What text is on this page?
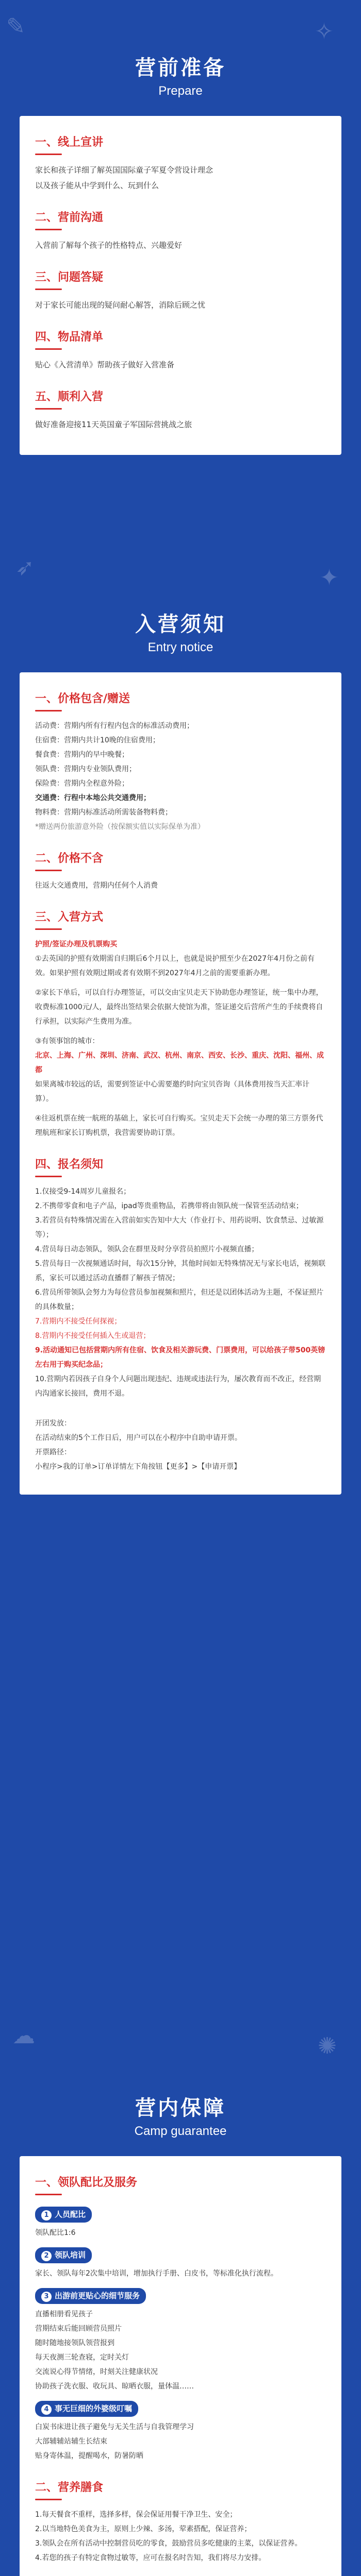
✎	✧
➶	✦
☁	✺
营前准备
Prepare
一、线上宣讲
家长和孩子详细了解英国国际童子军夏令营设计理念
以及孩子能从中学到什么、玩到什么
二、营前沟通
入营前了解每个孩子的性格特点、兴趣爱好
三、问题答疑
对于家长可能出现的疑问耐心解答，消除后顾之忧
四、物品清单
贴心《入营清单》帮助孩子做好入营准备
五、顺利入营
做好准备迎接11天英国童子军国际营挑战之旅
入营须知
Entry notice
一、价格包含/赠送
活动费：营期内所有行程内包含的标准活动费用；
住宿费：营期内共计10晚的住宿费用；
餐食费：营期内的早中晚餐；
领队费：营期内专业领队费用；
保险费：营期内全程意外险；
交通费：行程中本地公共交通费用；
物料费：营期内标准活动所需装备物料费；
*赠送两份旅游意外险（按保额实值以实际保单为准）
二、价格不含
往返大交通费用，营期内任何个人消费
三、入营方式
护照/签证办理及机票购买
①去英国的护照有效期需自归期后6个月以上，也就是说护照至少在2027年4月份之前有效。如果护照有效期过期或者有效期不到2027年4月之前的需要重新办理。
②家长下单后，可以自行办理签证，可以交由宝贝走天下协助您办理签证，统一集中办理，收费标准1000元/人，最终出签结果会依据大使馆为准，签证递交后营所产生的手续费将自行承担，以实际产生费用为准。
③有领事馆的城市：
北京、上海、广州、深圳、济南、武汉、杭州、南京、西安、长沙、重庆、沈阳、福州、成都
如果离城市较远的话，需要到签证中心需要邀约时向宝贝咨询（具体费用按当天汇率计算）。
④往返机票在统一航班的基础上，家长可自行购买。宝贝走天下会统一办理的第三方票务代理航班和家长订购机票，我营需要协助订票。
四、报名须知
1.仅接受9-14周岁儿童报名；
2.不携带零食和电子产品，ipad等贵重物品，若携带将由领队统一保管至活动结束；
3.若营员有特殊情况需在入营前如实告知中大大（作业打卡、用药说明、饮食禁忌、过敏源等）；
4.营员每日动态领队，领队会在群里及时分享营员拍照片小视频直播；
5.营员每日一次视频通话时间，每次15分钟，其他时间如无特殊情况无与家长电话，视频联系，家长可以通过活动直播群了解孩子情况；
6.营员所带领队会努力为每位营员参加视频和照片，但还是以团体活动为主题，不保证照片的具体数量；
7.营期内不接受任何探视；
8.营期内不接受任何插入生或退营；
9.活动通知已包括营期内所有住宿、饮食及相关游玩费、门票费用，可以给孩子带500英镑左右用于购买纪念品；
10.营期内若因孩子自身个人问题出现违纪、违规或违法行为，屡次教育而不改正，经营期内沟通家长接回，费用不退。
开团发放：
在活动结束的5个工作日后，用户可以在小程序中自助申请开票。
开票路径：
小程序>我的订单>订单详情左下角按钮【更多】>【申请开票】
营内保障
Camp guarantee
一、领队配比及服务
1 人员配比
领队配比1:6
2 领队培训
家长、领队每年2次集中培训，增加执行手册、白皮书，等标准化执行流程。
3 出游前更贴心的细节服务
直播相册看见孩子
营期结束后能回顾营员照片
随时随地接领队领营报到
每天夜测三轮查寝，定时关灯
交流说心得节情绪，时刻关注健康状况
协助孩子洗衣服、收玩具、晾晒衣服，量体温……
4 事无巨细的外婆级叮嘱
白炭书床进让孩子避免与无关生活与自我管理学习
大部辅辅站辅生长结束
贴身寄体温，提醒喝水，防暑防晒
二、营养膳食
1.每天餐食不重样，选择多样，保会保证用餐干净卫生、安全；
2.以当地特色美食为主，原则上少辣、多汤，荤素搭配，保证营养；
3.领队会在所有活动中控制营员吃的零食，鼓励营员多吃健康的主菜，以保证营养。
4.若您的孩子有特定食物过敏等，应可在报名时告知，我们将尽力安排。
